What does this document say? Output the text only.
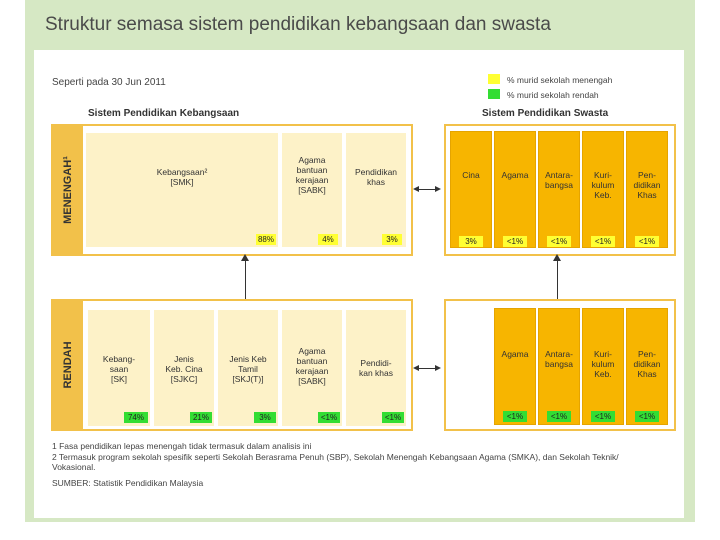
Struktur semasa sistem pendidikan kebangsaan dan swasta
Seperti pada 30 Jun 2011	% murid sekolah menengah
% murid sekolah rendah
Sistem Pendidikan Kebangsaan	Sistem Pendidikan Swasta
MENENGAH¹
RENDAH
Kebangsaan²
[SMK]
88%
Agama
bantuan
kerajaan
[SABK]
4%
Pendidikan
khas
3%
Cina
3%
Agama
<1%
Antara-
bangsa
<1%
Kuri-
kulum
Keb.
<1%
Pen-
didikan
Khas
<1%
Kebang-
saan
[SK]
74%
Jenis
Keb. Cina
[SJKC]
21%
Jenis Keb
Tamil
[SKJ(T)]
3%
Agama
bantuan
kerajaan
[SABK]
<1%
Pendidi-
kan khas
<1%
Agama
<1%
Antara-
bangsa
<1%
Kuri-
kulum
Keb.
<1%
Pen-
didikan
Khas
<1%
1 Fasa pendidikan lepas menengah tidak termasuk dalam analisis ini
2 Termasuk program sekolah spesifik seperti Sekolah Berasrama Penuh (SBP), Sekolah Menengah Kebangsaan Agama (SMKA), dan Sekolah Teknik/
Vokasional.
SUMBER: Statistik Pendidikan Malaysia
